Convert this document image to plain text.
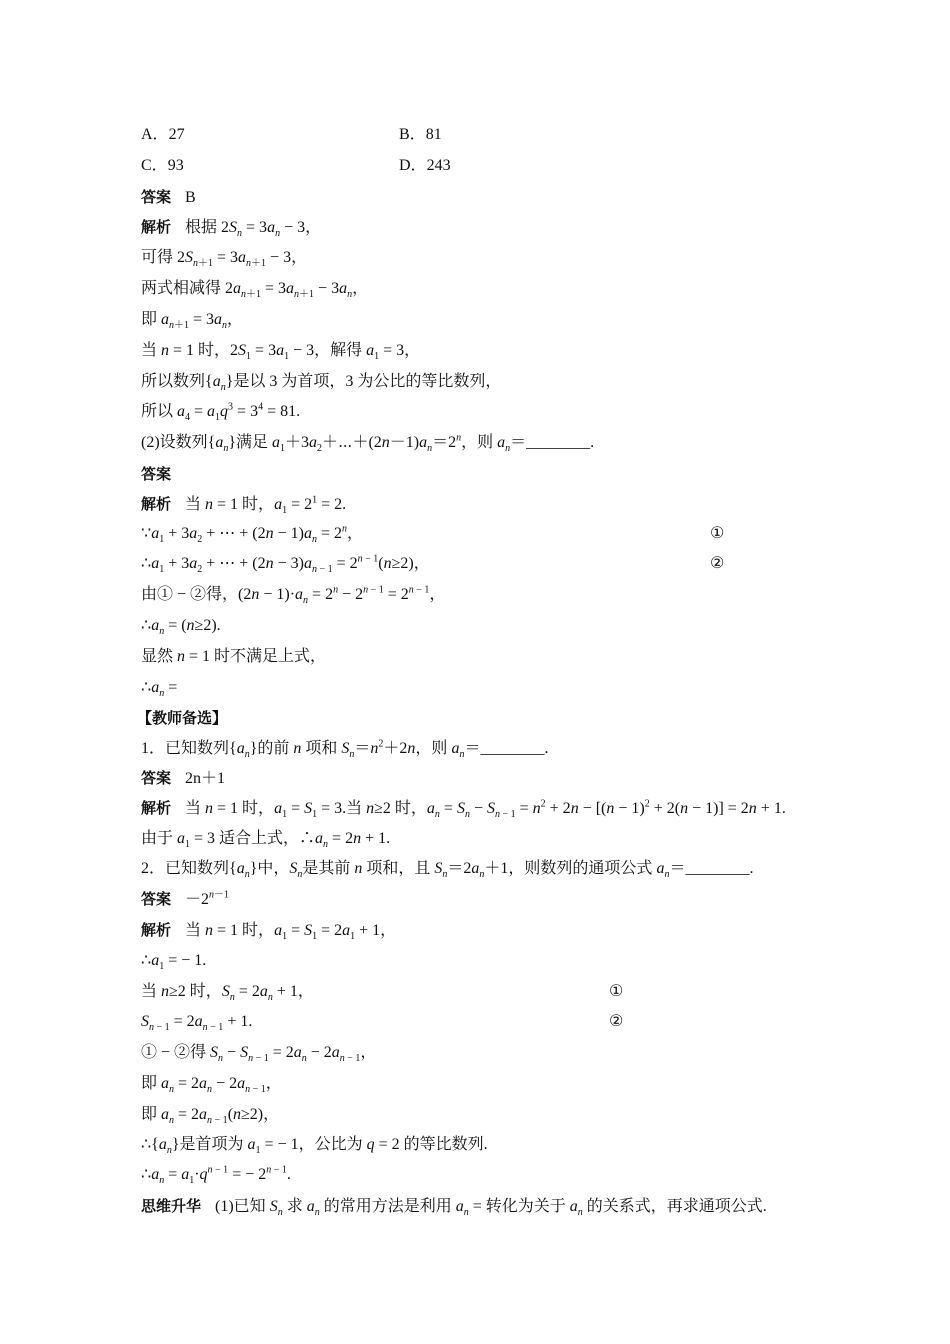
A．27	B．81
C．93	D．243
答案 B
解析 根据 $2S_n = 3a_n - 3$，
可得 $2S_{n+1} = 3a_{n+1} - 3$，
两式相减得 $2a_{n+1} = 3a_{n+1} - 3a_n$，
即 $a_{n+1} = 3a_n$，
当 n = 1 时，$2S_1 = 3a_1 - 3$，解得 $a_1 = 3$，
所以数列$\{a_n\}$是以 3 为首项，3 为公比的等比数列，
所以 $a_4 = a_1q^3 = 3^4 = 81$.
(2)设数列$\{a_n\}$满足 $a_1+3a_2+\cdots+(2n-1)a_n=2^n$，则 $a_n=\_\_\_\_\_\_\_\_$.
答案
解析 当 n = 1 时，$a_1 = 2^1 = 2$.
$\because a_1 + 3a_2$ + ⋯ + $(2n - 1)a_n = 2^n$，	①
$\therefore a_1 + 3a_2$ + ⋯ + $(2n - 3)a_{n - 1} = 2^{n - 1}(n\ge 2)$，	②
由① − ②得，$(2n - 1)\cdot a_n = 2^n - 2^{n - 1} = 2^{n - 1}$，
$\therefore a_n = (n\ge 2)$.
显然 n = 1 时不满足上式，
$\therefore a_n$ =
【教师备选】
1．已知数列$\{a_n\}$的前 n 项和 $S_n=n^2+2n$，则 $a_n=\_\_\_\_\_\_\_\_$.
答案 2n＋1
解析 当 n = 1 时，$a_1 = S_1 = 3$.当 n≥2 时，$a_n = S_n - S_{n - 1} = n^2 + 2n - [(n - 1)^2 + 2(n - 1)] = 2n + 1$.
由于 $a_1 = 3$ 适合上式，$\therefore a_n = 2n + 1$.
2．已知数列$\{a_n\}$中，$S_n$是其前 n 项和，且 $S_n=2a_n+1$，则数列的通项公式 $a_n=\_\_\_\_\_\_\_\_$.
答案 $-2^{n-1}$
解析 当 n = 1 时，$a_1 = S_1 = 2a_1 + 1$，
$\therefore a_1$ = − 1.
当 n≥2 时，$S_n = 2a_n + 1$，	①
$S_{n - 1} = 2a_{n - 1} + 1$.	②
① − ②得 $S_n - S_{n - 1} = 2a_n - 2a_{n - 1}$，
即 $a_n = 2a_n - 2a_{n - 1}$，
即 $a_n = 2a_{n - 1}(n\ge 2)$，
$\therefore\{a_n\}$是首项为 $a_1$ = − 1，公比为 q = 2 的等比数列.
$\therefore a_n = a_1\cdot q^{n - 1}$ = − $2^{n - 1}$.
思维升华 (1)已知 $S_n$ 求 $a_n$ 的常用方法是利用 $a_n$ = 转化为关于 $a_n$ 的关系式，再求通项公式.
